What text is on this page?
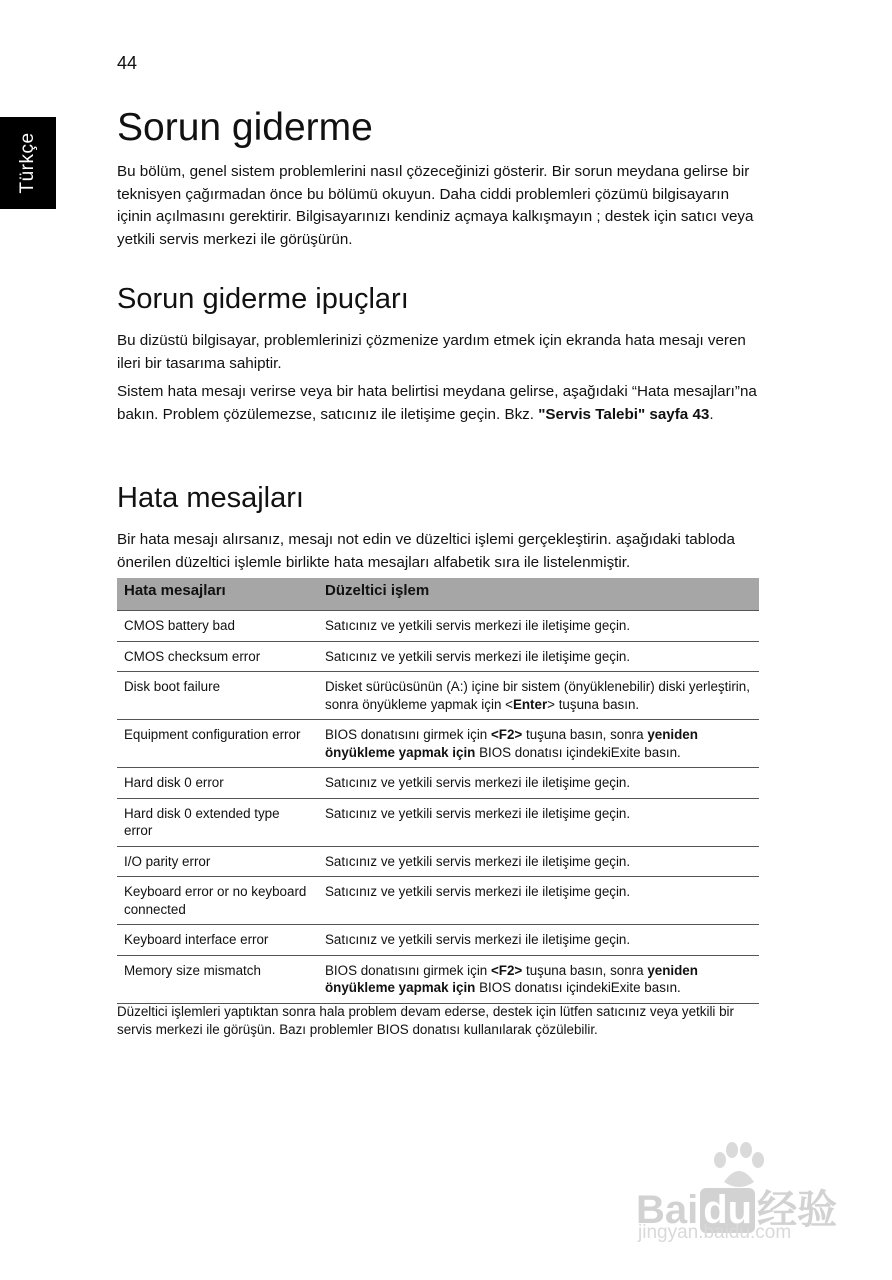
44
Türkçe
Sorun giderme

Bu bölüm, genel sistem problemlerini nasıl çözeceğinizi gösterir. Bir sorun meydana gelirse bir teknisyen çağırmadan önce bu bölümü okuyun. Daha ciddi problemleri çözümü bilgisayarın içinin açılmasını gerektirir. Bilgisayarınızı kendiniz açmaya kalkışmayın ; destek için satıcı veya yetkili servis merkezi ile görüşürün.

Sorun giderme ipuçları

Bu dizüstü bilgisayar, problemlerinizi çözmenize yardım etmek için ekranda hata mesajı veren ileri bir tasarıma sahiptir.

Sistem hata mesajı verirse veya bir hata belirtisi meydana gelirse, aşağıdaki “Hata mesajları”na bakın. Problem çözülemezse, satıcınız ile iletişime geçin. Bkz. "Servis Talebi" sayfa 43.

Hata mesajları

Bir hata mesajı alırsanız, mesajı not edin ve düzeltici işlemi gerçekleştirin. aşağıdaki tabloda önerilen düzeltici işlemle birlikte hata mesajları alfabetik sıra ile listelenmiştir.

Hata mesajları	Düzeltici işlem
CMOS battery bad	Satıcınız ve yetkili servis merkezi ile iletişime geçin.
CMOS checksum error	Satıcınız ve yetkili servis merkezi ile iletişime geçin.
Disk boot failure	Disket sürücüsünün (A:) içine bir sistem (önyüklenebilir) diski yerleştirin, sonra önyükleme yapmak için <Enter> tuşuna basın.
Equipment configuration error	BIOS donatısını girmek için <F2> tuşuna basın, sonra yeniden önyükleme yapmak için BIOS donatısı içindekiExite basın.
Hard disk 0 error	Satıcınız ve yetkili servis merkezi ile iletişime geçin.
Hard disk 0 extended type error	Satıcınız ve yetkili servis merkezi ile iletişime geçin.
I/O parity error	Satıcınız ve yetkili servis merkezi ile iletişime geçin.
Keyboard error or no keyboard connected	Satıcınız ve yetkili servis merkezi ile iletişime geçin.
Keyboard interface error	Satıcınız ve yetkili servis merkezi ile iletişime geçin.
Memory size mismatch	BIOS donatısını girmek için <F2> tuşuna basın, sonra yeniden önyükleme yapmak için BIOS donatısı içindekiExite basın.

Düzeltici işlemleri yaptıktan sonra hala problem devam ederse, destek için lütfen satıcınız veya yetkili bir servis merkezi ile görüşün. Bazı problemler BIOS donatısı kullanılarak çözülebilir.

Bai du 经验
jingyan.baidu.com
